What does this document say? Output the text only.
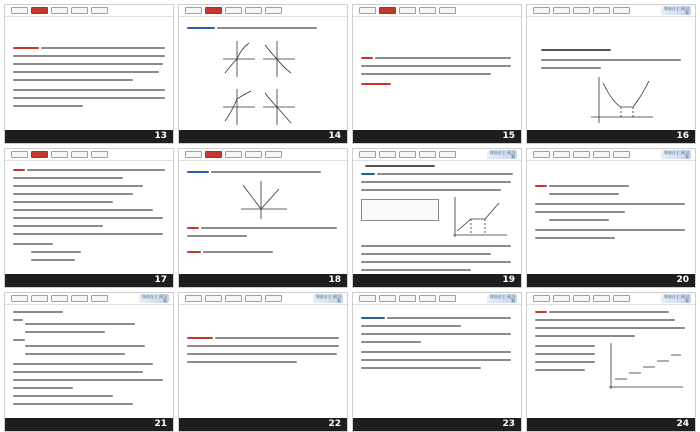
13	14	15
课前自主 预习案
16
17	18
课前自主 预习案
19
课前自主 预习案
20
课前自主 预习案
21
课前自主 预习案
22
课前自主 预习案
23
课前自主 预习案
24
